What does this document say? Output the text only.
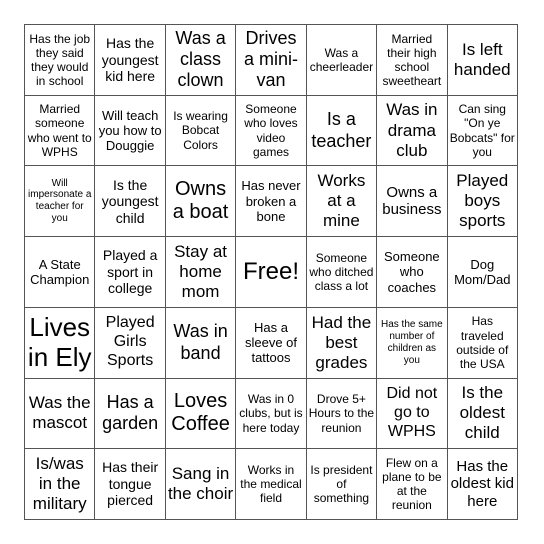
Has the job they said they would in school
Has the youngest kid here
Was a class clown
Drives a mini-van
Was a cheerleader
Married their high school sweetheart
Is left handed
Married someone who went to WPHS
Will teach you how to Douggie
Is wearing Bobcat Colors
Someone who loves video games
Is a teacher
Was in drama club
Can sing "On ye Bobcats" for you
Will impersonate a teacher for you
Is the youngest child
Owns a boat
Has never broken a bone
Works at a mine
Owns a business
Played boys sports
A State Champion
Played a sport in college
Stay at home mom
Free!
Someone who ditched class a lot
Someone who coaches
Dog Mom/Dad
Lives in Ely
Played Girls Sports
Was in band
Has a sleeve of tattoos
Had the best grades
Has the same number of children as you
Has traveled outside of the USA
Was the mascot
Has a garden
Loves Coffee
Was in 0 clubs, but is here today
Drove 5+ Hours to the reunion
Did not go to WPHS
Is the oldest child
Is/was in the military
Has their tongue pierced
Sang in the choir
Works in the medical field
Is president of something
Flew on a plane to be at the reunion
Has the oldest kid here
